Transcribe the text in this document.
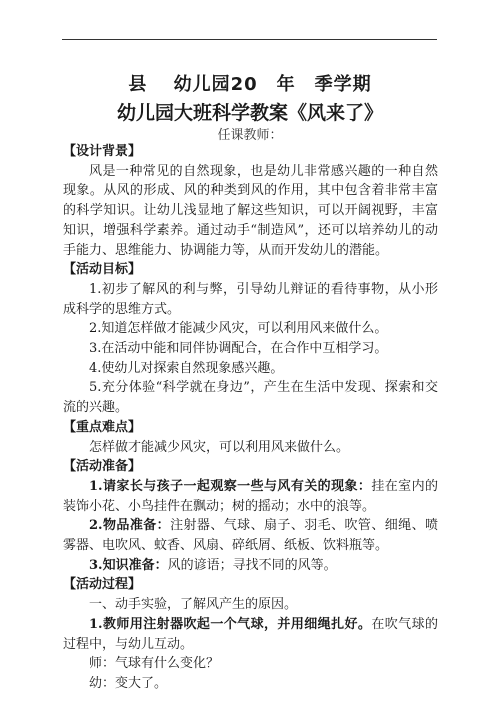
县　 幼儿园20　年　季学期
幼儿园大班科学教案《风来了》
任课教师：

【设计背景】

风是一种常见的自然现象，也是幼儿非常感兴趣的一种自然现象。从风的形成、风的种类到风的作用，其中包含着非常丰富的科学知识。让幼儿浅显地了解这些知识，可以开阔视野，丰富知识，增强科学素养。通过动手“制造风”，还可以培养幼儿的动手能力、思维能力、协调能力等，从而开发幼儿的潜能。

【活动目标】

1.初步了解风的利与弊，引导幼儿辩证的看待事物，从小形成科学的思维方式。

2.知道怎样做才能减少风灾，可以利用风来做什么。

3.在活动中能和同伴协调配合，在合作中互相学习。

4.使幼儿对探索自然现象感兴趣。

5.充分体验“科学就在身边”，产生在生活中发现、探索和交流的兴趣。

【重点难点】

怎样做才能减少风灾，可以利用风来做什么。

【活动准备】

1.请家长与孩子一起观察一些与风有关的现象：挂在室内的装饰小花、小鸟挂件在飘动；树的摇动；水中的浪等。

2.物品准备：注射器、气球、扇子、羽毛、吹管、细绳、喷雾器、电吹风、蚊香、风扇、碎纸屑、纸板、饮料瓶等。

3.知识准备：风的谚语；寻找不同的风等。

【活动过程】

一、动手实验，了解风产生的原因。

1.教师用注射器吹起一个气球，并用细绳扎好。在吹气球的过程中，与幼儿互动。

师：气球有什么变化？

幼：变大了。
